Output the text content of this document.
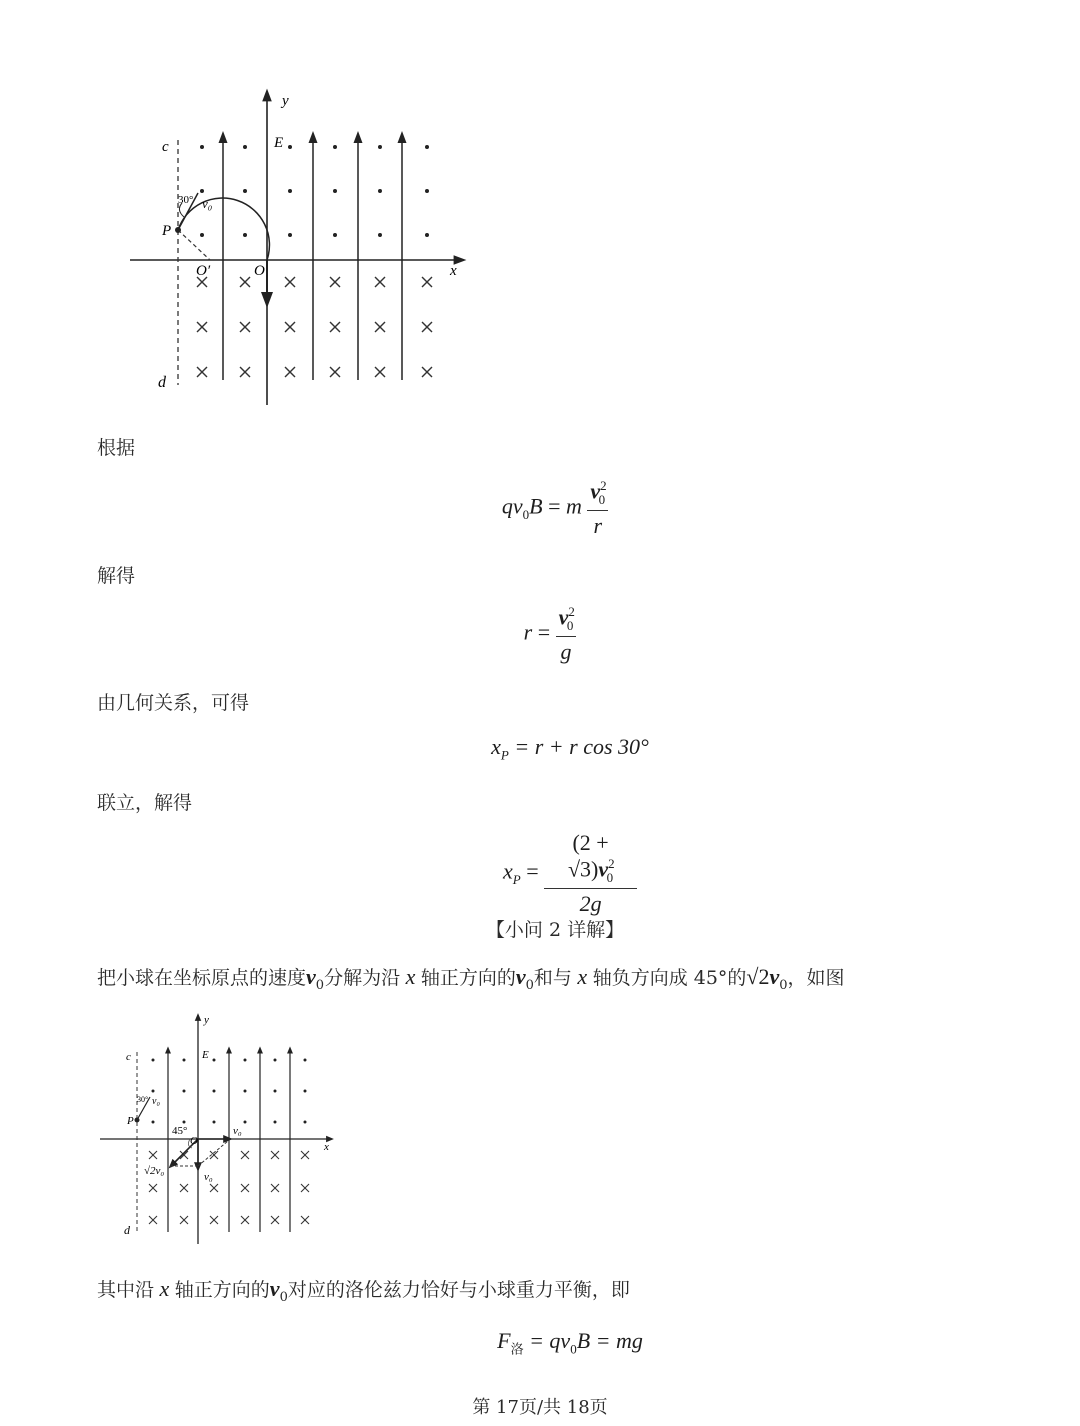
y
x
E
c
d
P
O
O′
30° v₀
根据
$qv_0B = m \frac{v^2_0}{r}$
解得
$r = \frac{v^2_0}{g}$
由几何关系，可得
$x_P = r + r$ cos 30°
联立，解得
$x_P = \frac{(2 + √3)v^2_0}{2g}$
【小问 2 详解】
把小球在坐标原点的速度$v_0$分解为沿 x 轴正方向的$v_0$和与 x 轴负方向成 45°的$√2v_0$，如图
y
x
E
c
d
P
30° v₀
45°
O
v₀
v₀
√2v₀
其中沿 x 轴正方向的$v_0$对应的洛伦兹力恰好与小球重力平衡，即
$F_洛 = qv_0B$ = mg
第 17页/共 18页
